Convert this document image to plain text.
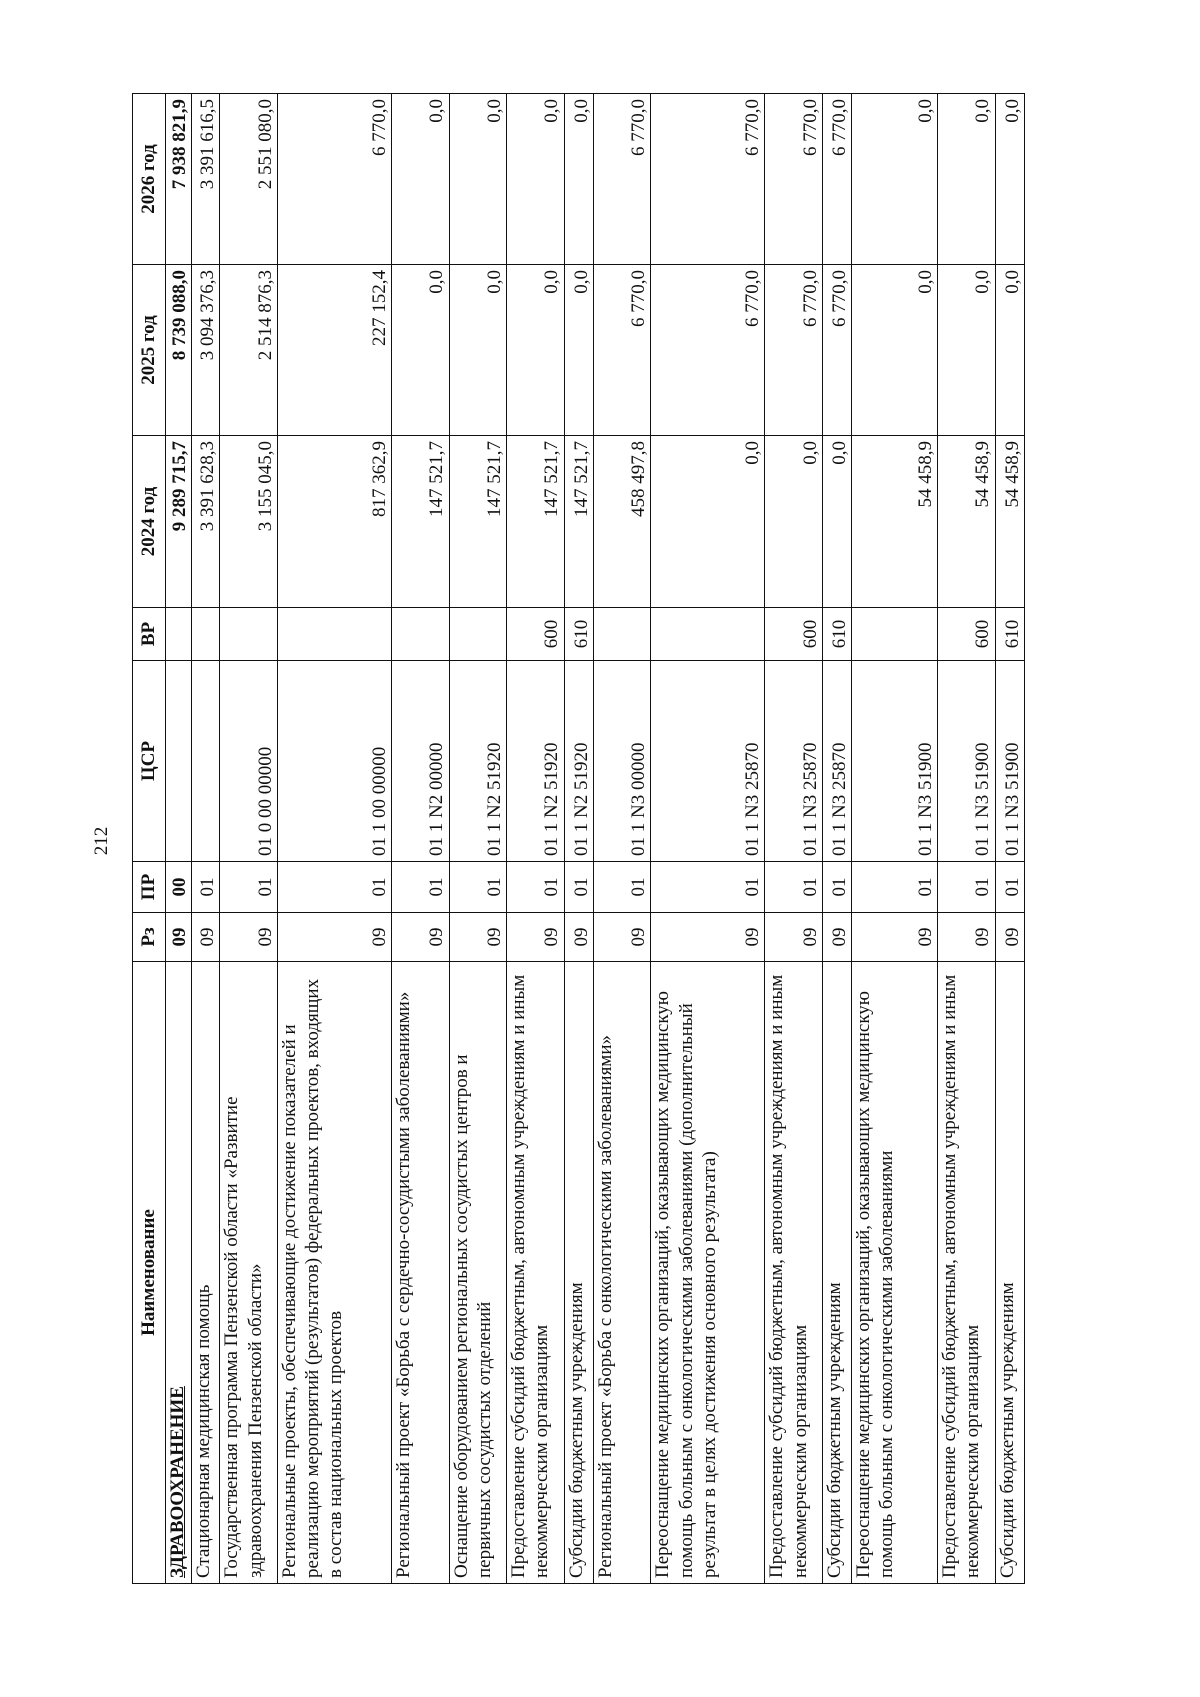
212
Наименование	Рз	ПР	ЦСР	ВР	2024 год	2025 год	2026 год
ЗДРАВООХРАНЕНИЕ	09	00			9 289 715,7	8 739 088,0	7 938 821,9
Стационарная медицинская помощь	09	01			3 391 628,3	3 094 376,3	3 391 616,5
Государственная программа Пензенской области «Развитие здравоохранения Пензенской области»	09	01	01 0 00 00000		3 155 045,0	2 514 876,3	2 551 080,0
Региональные проекты, обеспечивающие достижение показателей и реализацию мероприятий (результатов) федеральных проектов, входящих в состав национальных проектов	09	01	01 1 00 00000		817 362,9	227 152,4	6 770,0
Региональный проект «Борьба с сердечно-сосудистыми заболеваниями»	09	01	01 1 N2 00000		147 521,7	0,0	0,0
Оснащение оборудованием региональных сосудистых центров и первичных сосудистых отделений	09	01	01 1 N2 51920		147 521,7	0,0	0,0
Предоставление субсидий бюджетным, автономным учреждениям и иным некоммерческим организациям	09	01	01 1 N2 51920	600	147 521,7	0,0	0,0
Субсидии бюджетным учреждениям	09	01	01 1 N2 51920	610	147 521,7	0,0	0,0
Региональный проект «Борьба с онкологическими заболеваниями»	09	01	01 1 N3 00000		458 497,8	6 770,0	6 770,0
Переоснащение медицинских организаций, оказывающих медицинскую помощь больным с онкологическими заболеваниями (дополнительный результат в целях достижения основного результата)	09	01	01 1 N3 25870		0,0	6 770,0	6 770,0
Предоставление субсидий бюджетным, автономным учреждениям и иным некоммерческим организациям	09	01	01 1 N3 25870	600	0,0	6 770,0	6 770,0
Субсидии бюджетным учреждениям	09	01	01 1 N3 25870	610	0,0	6 770,0	6 770,0
Переоснащение медицинских организаций, оказывающих медицинскую помощь больным с онкологическими заболеваниями	09	01	01 1 N3 51900		54 458,9	0,0	0,0
Предоставление субсидий бюджетным, автономным учреждениям и иным некоммерческим организациям	09	01	01 1 N3 51900	600	54 458,9	0,0	0,0
Субсидии бюджетным учреждениям	09	01	01 1 N3 51900	610	54 458,9	0,0	0,0
